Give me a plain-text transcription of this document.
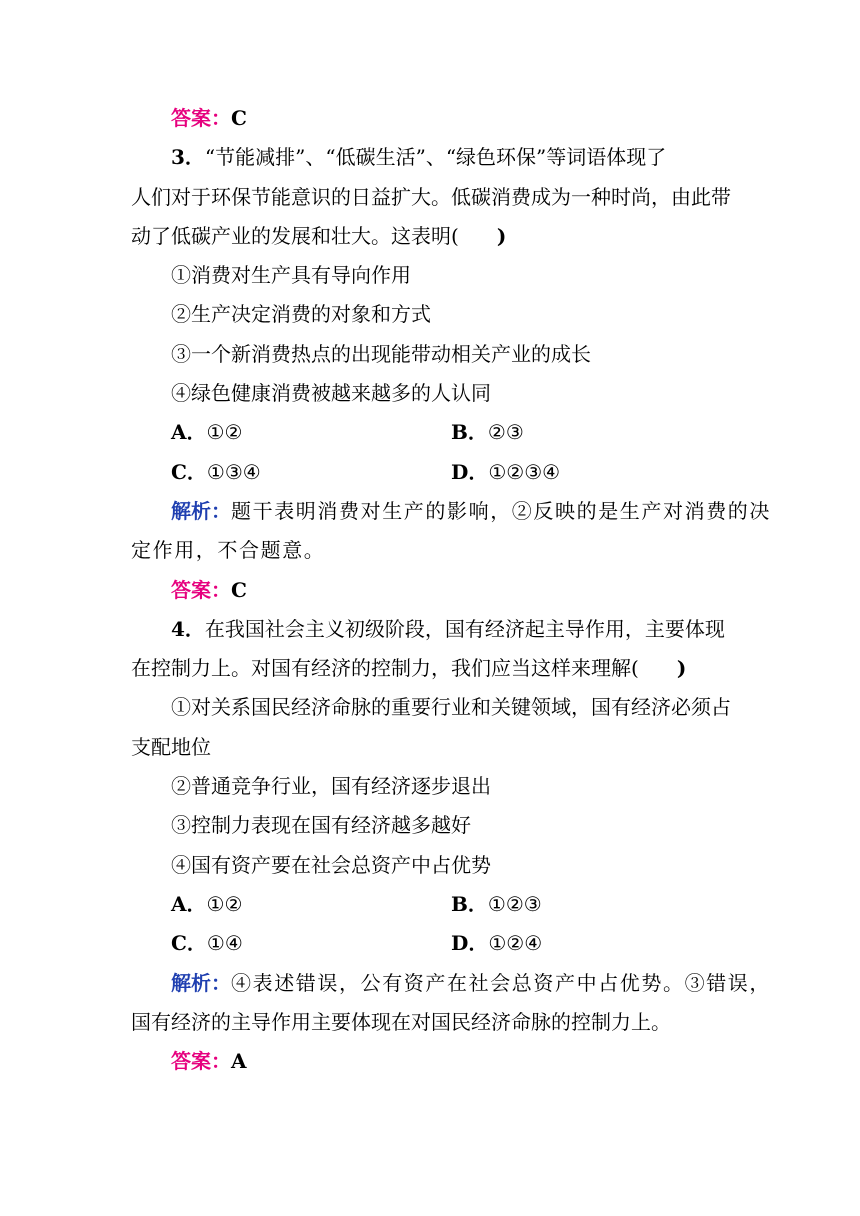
答案：C
3．“节能减排”、“低碳生活”、“绿色环保”等词语体现了
人们对于环保节能意识的日益扩大。低碳消费成为一种时尚，由此带
动了低碳产业的发展和壮大。这表明( )
①消费对生产具有导向作用
②生产决定消费的对象和方式
③一个新消费热点的出现能带动相关产业的成长
④绿色健康消费被越来越多的人认同
A．①②	B．②③
C．①③④	D．①②③④
解析：题干表明消费对生产的影响，②反映的是生产对消费的决
定作用，不合题意。
答案：C
4．在我国社会主义初级阶段，国有经济起主导作用，主要体现
在控制力上。对国有经济的控制力，我们应当这样来理解( )
①对关系国民经济命脉的重要行业和关键领域，国有经济必须占
支配地位
②普通竞争行业，国有经济逐步退出
③控制力表现在国有经济越多越好
④国有资产要在社会总资产中占优势
A．①②	B．①②③
C．①④	D．①②④
解析：④表述错误，公有资产在社会总资产中占优势。③错误，
国有经济的主导作用主要体现在对国民经济命脉的控制力上。
答案：A
